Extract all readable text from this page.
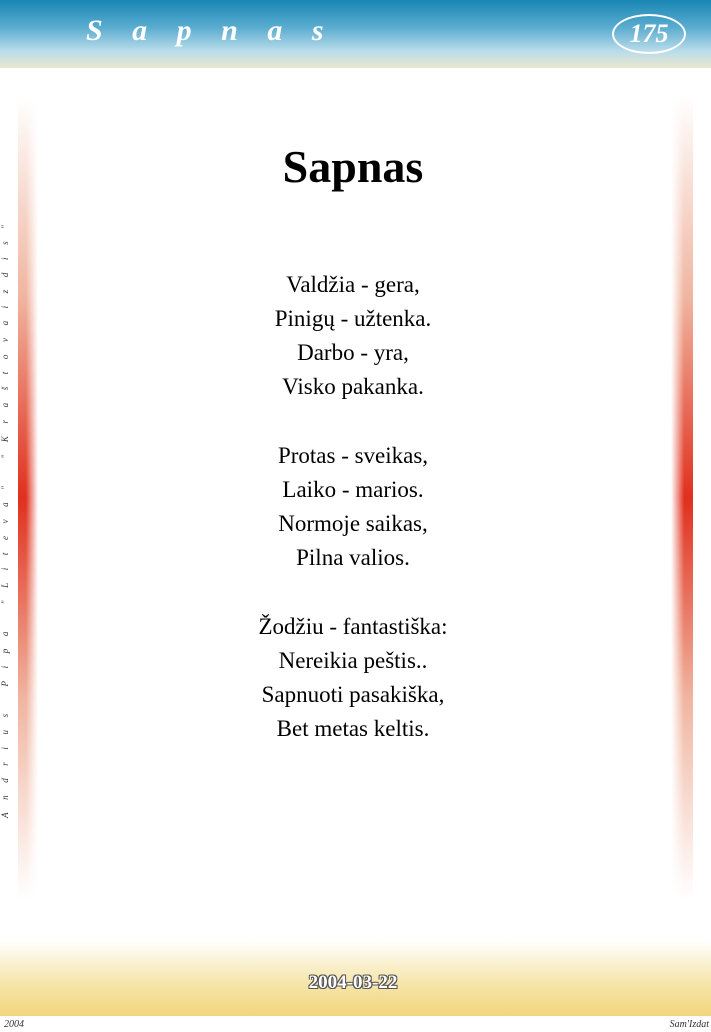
S a p n a s	175
Andrius Pipa "Liteva" "Kraštovaizdis"
Sapnas
Valdžia - gera,
Pinigų - užtenka.
Darbo - yra,
Visko pakanka.
Protas - sveikas,
Laiko - marios.
Normoje saikas,
Pilna valios.
Žodžiu - fantastiška:
Nereikia peštis..
Sapnuoti pasakiška,
Bet metas keltis.
2004-03-22
2004	Sam'Izdat
